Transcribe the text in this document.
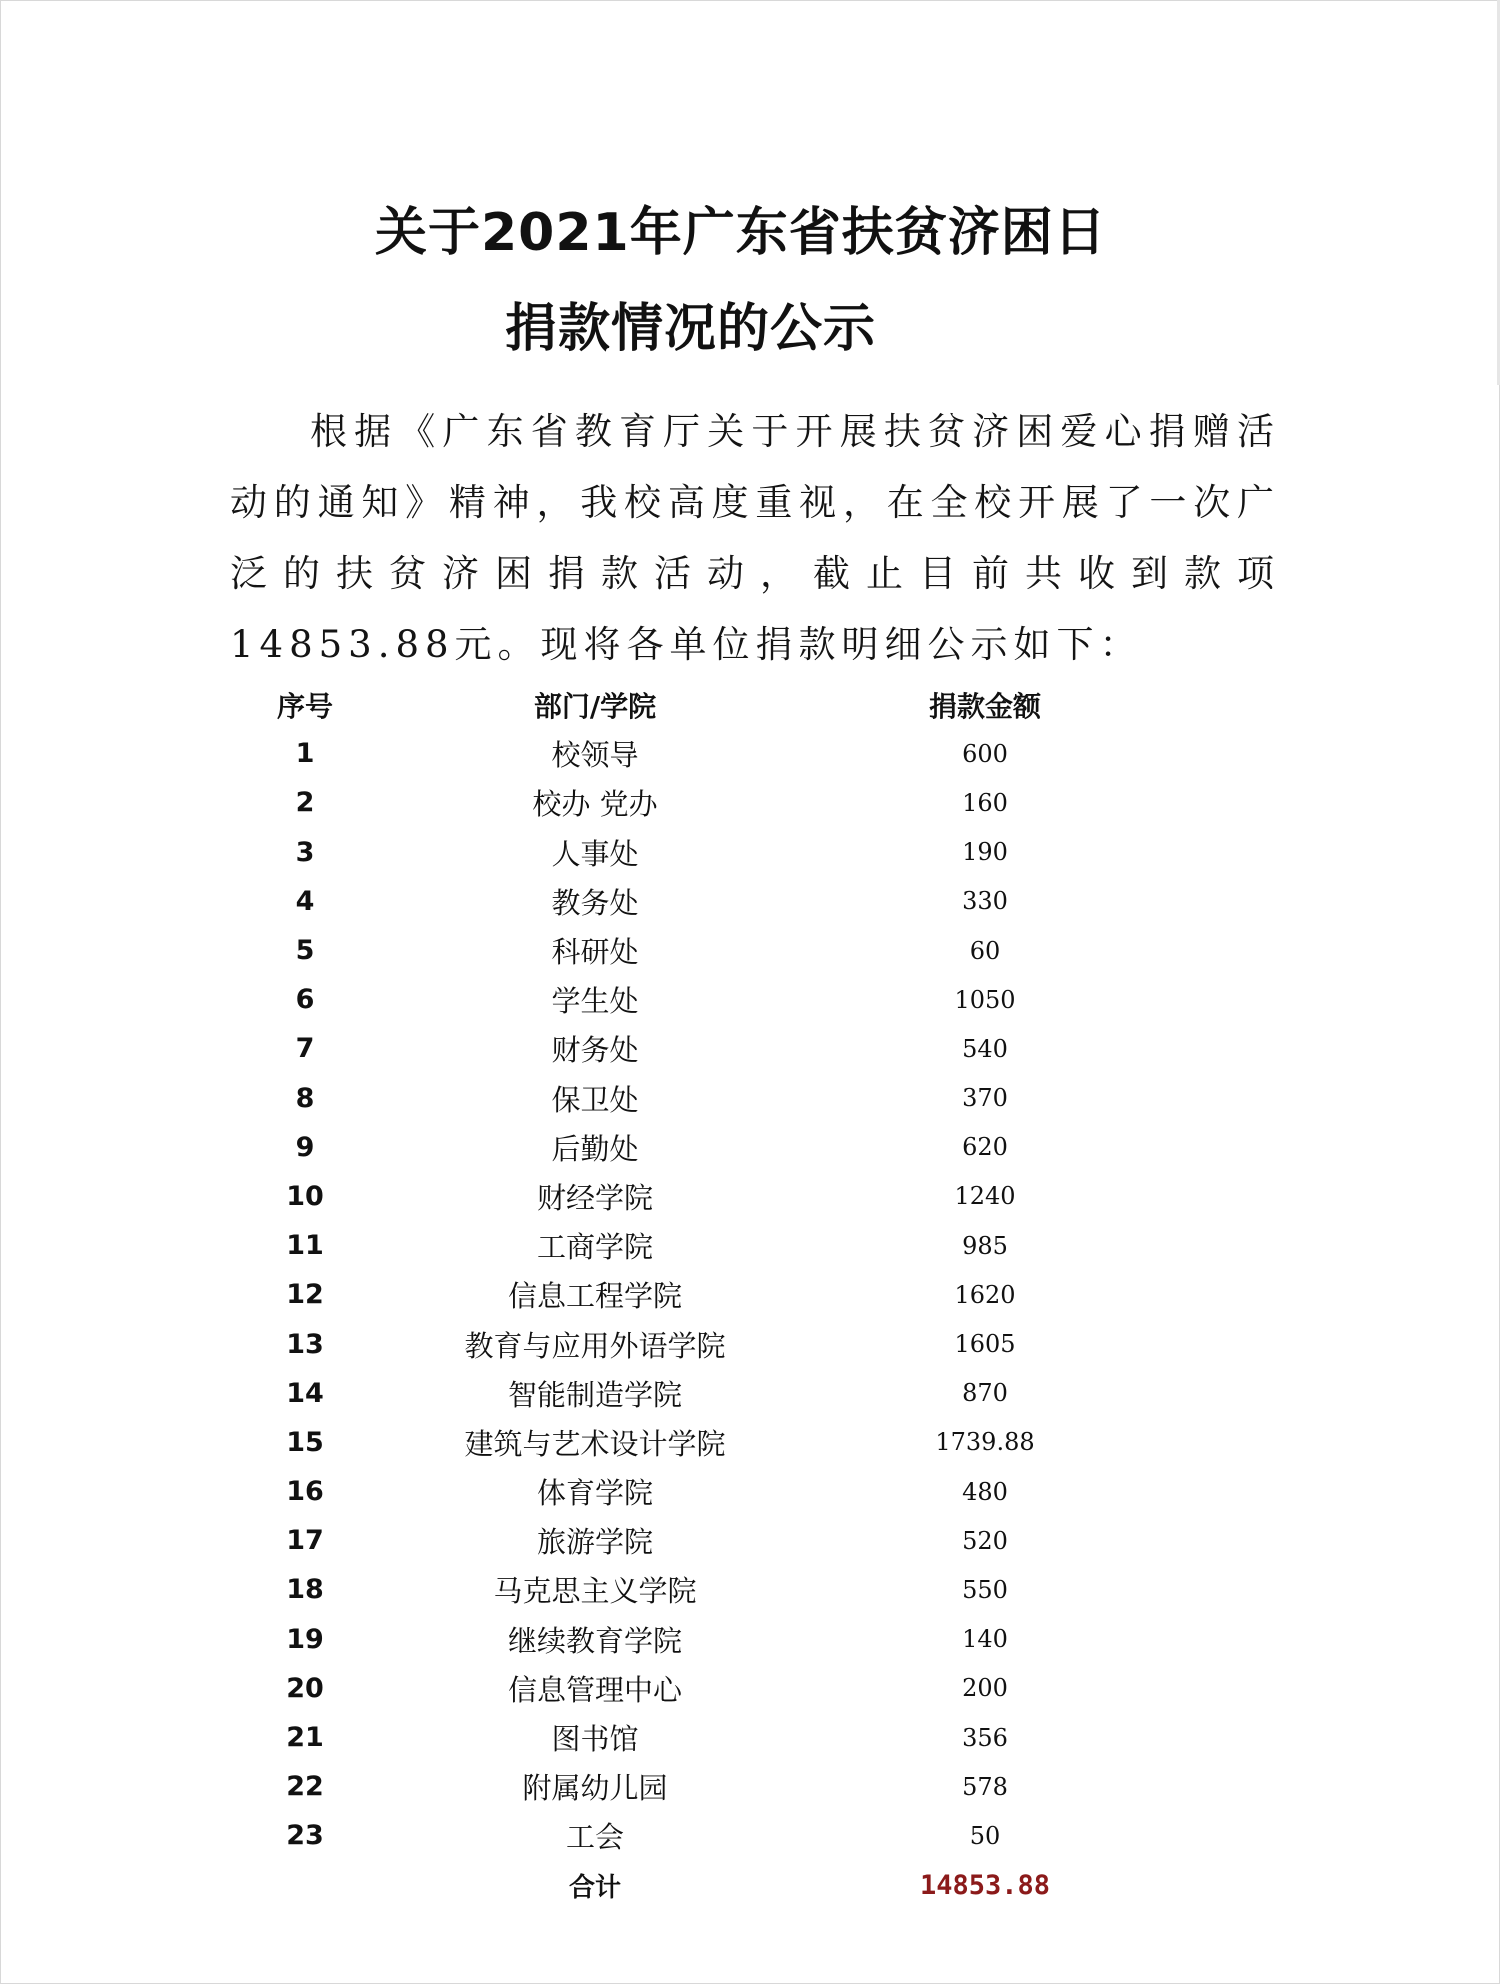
关于2021年广东省扶贫济困日
捐款情况的公示
根据《广东省教育厅关于开展扶贫济困爱心捐赠活动的通知》精神，我校高度重视，在全校开展了一次广泛的扶贫济困捐款活动，截止目前共收到款项14853.88元。现将各单位捐款明细公示如下：
序号	部门/学院	捐款金额
1	校领导	600
2	校办 党办	160
3	人事处	190
4	教务处	330
5	科研处	60
6	学生处	1050
7	财务处	540
8	保卫处	370
9	后勤处	620
10	财经学院	1240
11	工商学院	985
12	信息工程学院	1620
13	教育与应用外语学院	1605
14	智能制造学院	870
15	建筑与艺术设计学院	1739.88
16	体育学院	480
17	旅游学院	520
18	马克思主义学院	550
19	继续教育学院	140
20	信息管理中心	200
21	图书馆	356
22	附属幼儿园	578
23	工会	50
	合计	14853.88
